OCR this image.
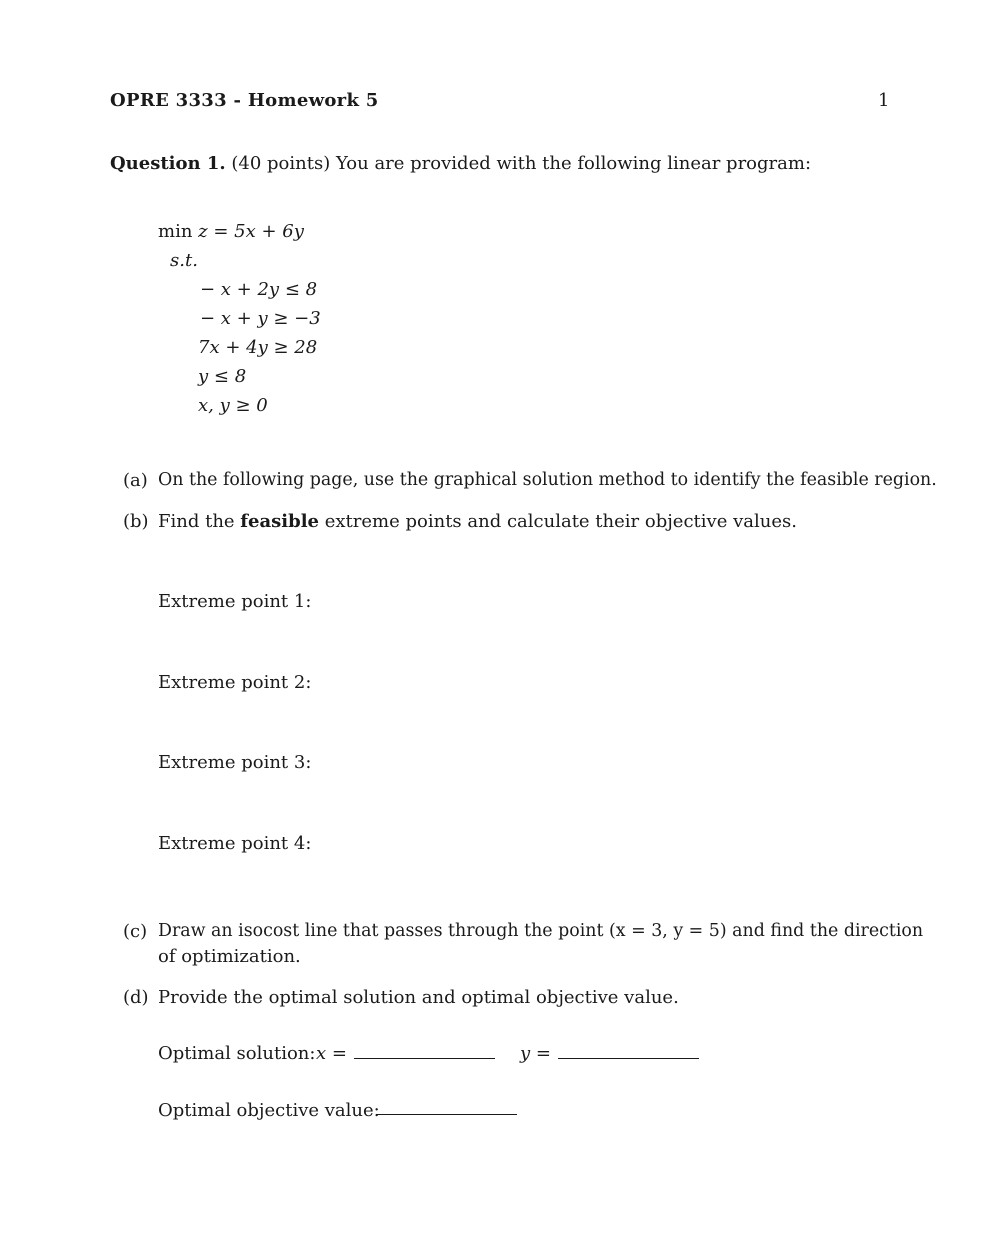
OPRE 3333 - Homework 5	1
Question 1. (40 points) You are provided with the following linear program:
min z = 5x + 6y
s.t.
− x + 2y ≤ 8
− x + y ≥ −3
7x + 4y ≥ 28
y ≤ 8
x, y ≥ 0
(a) On the following page, use the graphical solution method to identify the feasible region.
(b) Find the feasible extreme points and calculate their objective values.
Extreme point 1:
Extreme point 2:
Extreme point 3:
Extreme point 4:
(c) Draw an isocost line that passes through the point (x = 3, y = 5) and find the direction
of optimization.
(d) Provide the optimal solution and optimal objective value.
Optimal solution: x =	y =
Optimal objective value:
